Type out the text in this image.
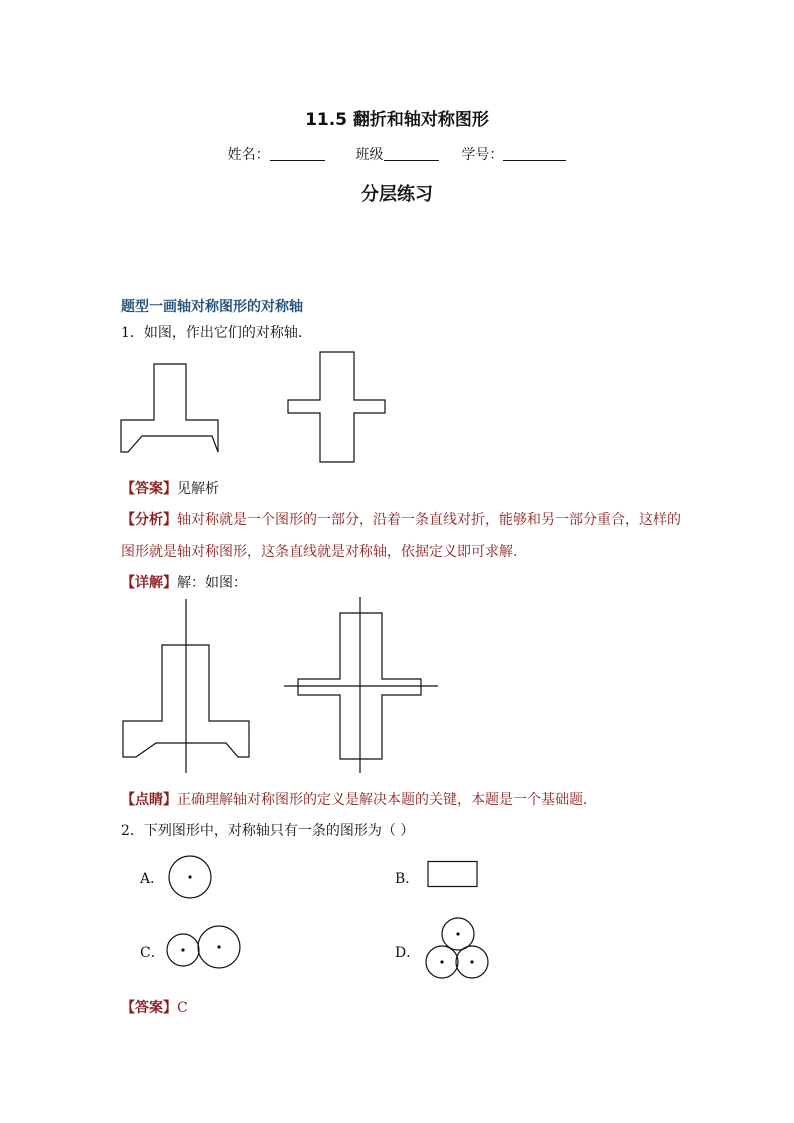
11.5 翻折和轴对称图形
姓名：	班级	学号：
分层练习
题型一画轴对称图形的对称轴
1．如图，作出它们的对称轴.
【答案】见解析
【分析】轴对称就是一个图形的一部分，沿着一条直线对折，能够和另一部分重合，这样的
图形就是轴对称图形，这条直线就是对称轴，依据定义即可求解．
【详解】解：如图：
【点睛】正确理解轴对称图形的定义是解决本题的关键，本题是一个基础题．
2．下列图形中，对称轴只有一条的图形为（ ）
A．	B．
C．	D．
【答案】C
